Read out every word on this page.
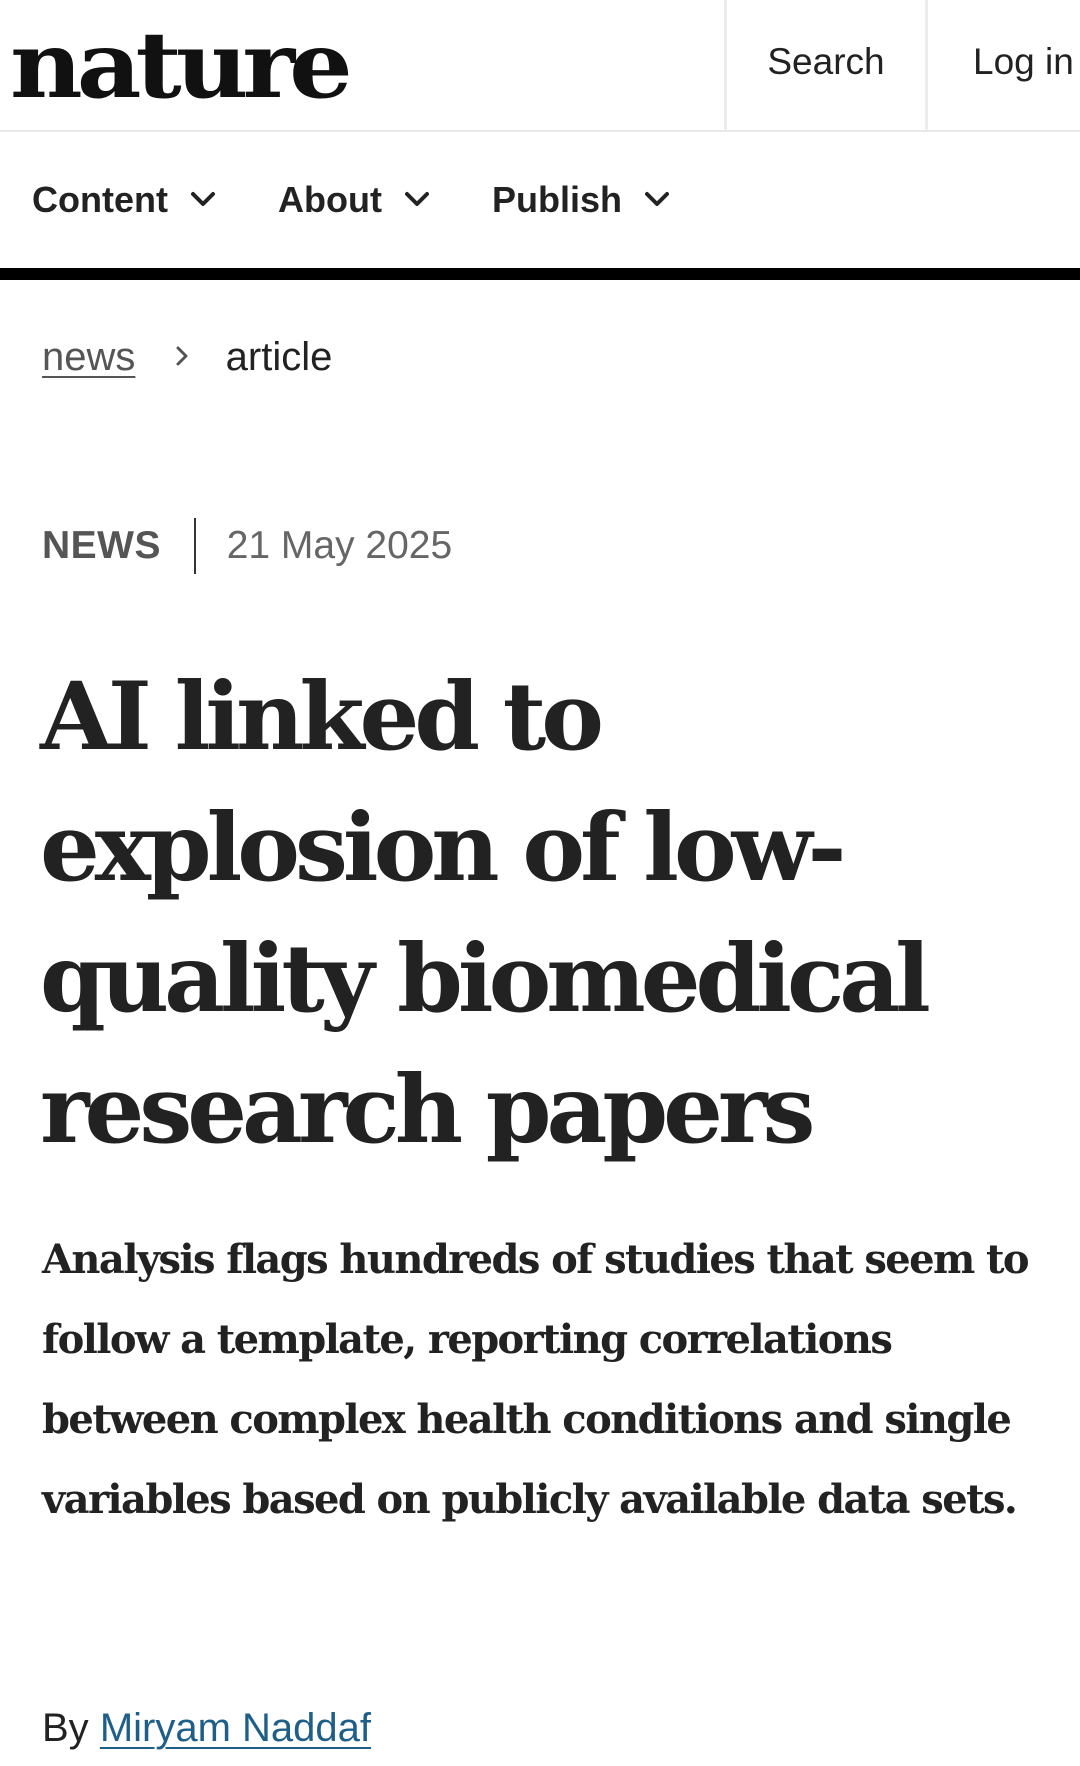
nature	Search	Log in
Content	About	Publish
news article
NEWS 21 May 2025
AI linked to explosion of low-quality biomedical research papers

Analysis flags hundreds of studies that seem to follow a template, reporting correlations between complex health conditions and single variables based on publicly available data sets.

By Miryam Naddaf
